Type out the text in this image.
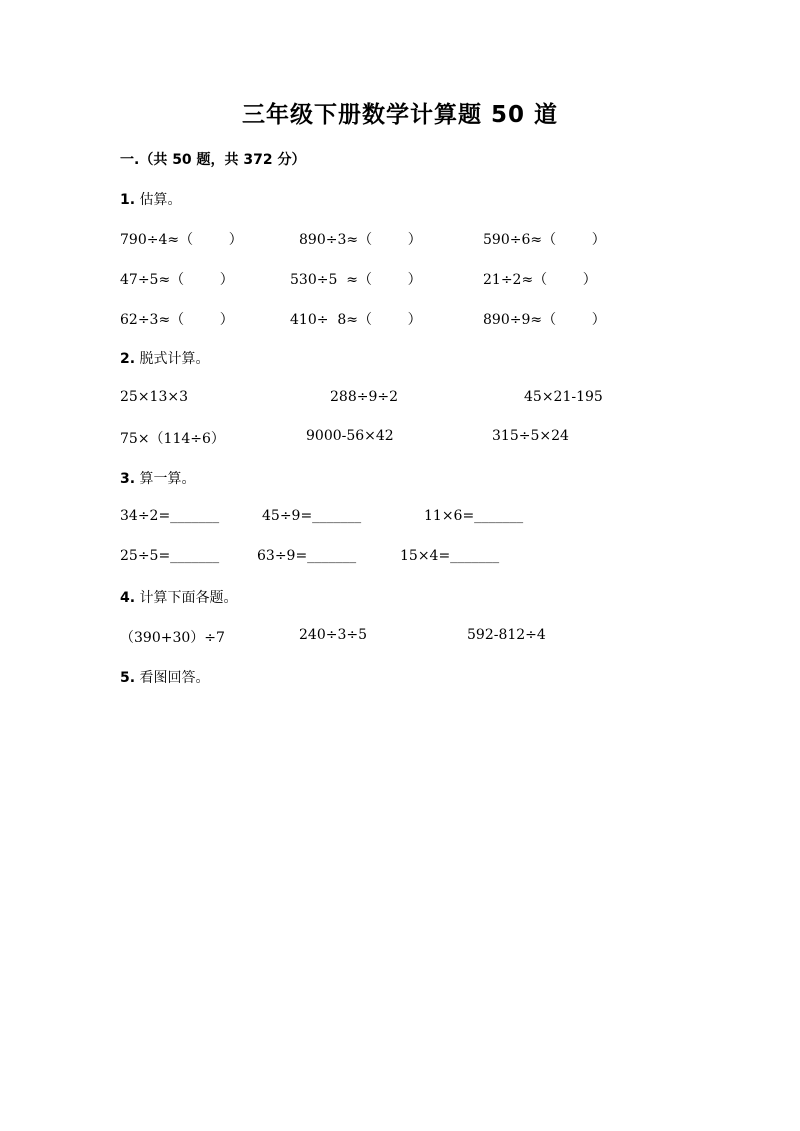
三年级下册数学计算题 50 道
一.（共 50 题，共 372 分）
1. 估算。
790÷4≈（        ）	890÷3≈（        ）	590÷6≈（        ）
47÷5≈（        ）	530÷5  ≈（        ）	21÷2≈（        ）
62÷3≈（        ）	410÷  8≈（        ）	890÷9≈（        ）
2. 脱式计算。
25×13×3	288÷9÷2	45×21-195
75×（114÷6）	9000-56×42	315÷5×24
3. 算一算。
34÷2=_______	45÷9=_______	11×6=_______
25÷5=_______	63÷9=_______	15×4=_______
4. 计算下面各题。
（390+30）÷7	240÷3÷5	592-812÷4
5. 看图回答。
